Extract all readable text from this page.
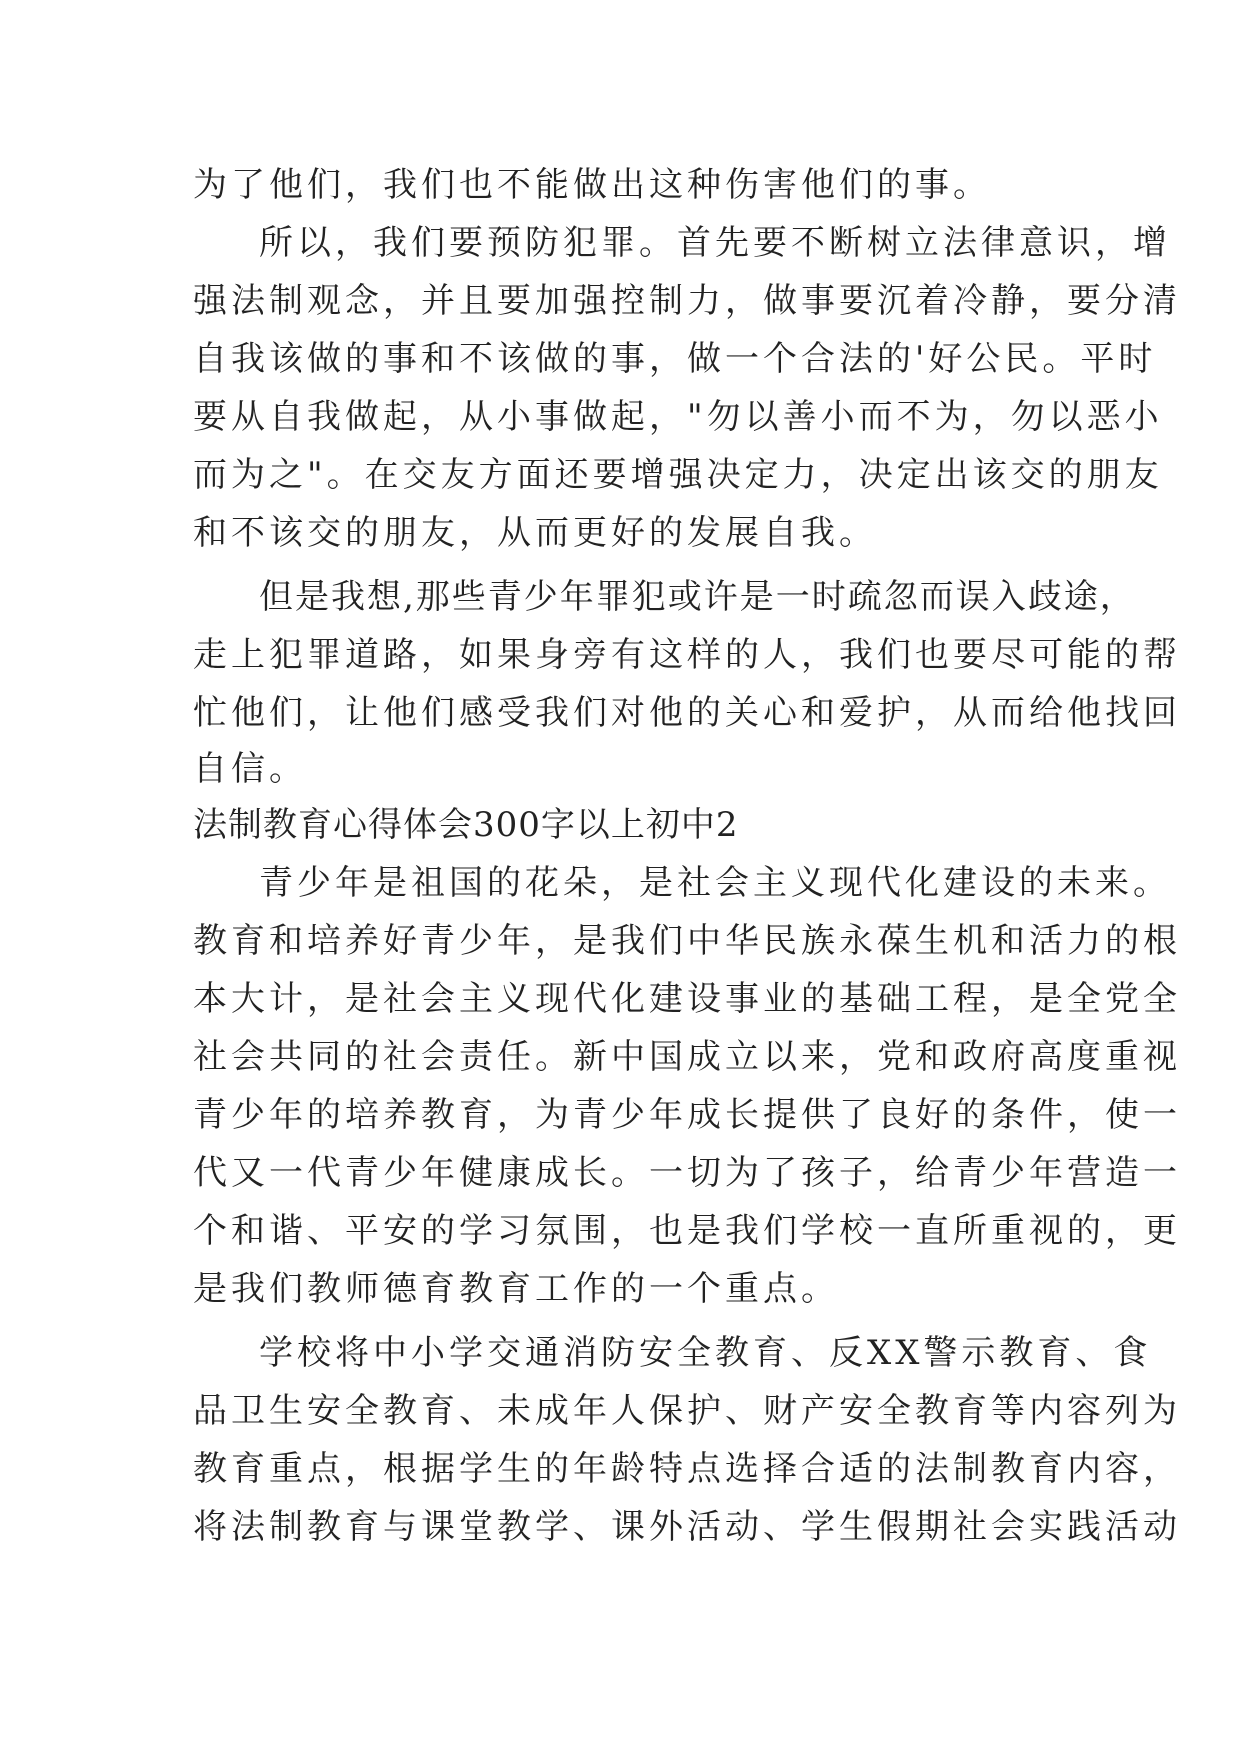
为了他们，我们也不能做出这种伤害他们的事。
所以，我们要预防犯罪。首先要不断树立法律意识，增
强法制观念，并且要加强控制力，做事要沉着冷静，要分清
自我该做的事和不该做的事，做一个合法的'好公民。平时
要从自我做起，从小事做起，"勿以善小而不为，勿以恶小
而为之"。在交友方面还要增强决定力，决定出该交的朋友
和不该交的朋友，从而更好的发展自我。
但是我想,那些青少年罪犯或许是一时疏忽而误入歧途，
走上犯罪道路，如果身旁有这样的人，我们也要尽可能的帮
忙他们，让他们感受我们对他的关心和爱护，从而给他找回
自信。
法制教育心得体会300字以上初中2
青少年是祖国的花朵，是社会主义现代化建设的未来。
教育和培养好青少年，是我们中华民族永葆生机和活力的根
本大计，是社会主义现代化建设事业的基础工程，是全党全
社会共同的社会责任。新中国成立以来，党和政府高度重视
青少年的培养教育，为青少年成长提供了良好的条件，使一
代又一代青少年健康成长。一切为了孩子，给青少年营造一
个和谐、平安的学习氛围，也是我们学校一直所重视的，更
是我们教师德育教育工作的一个重点。
学校将中小学交通消防安全教育、反XX警示教育、食
品卫生安全教育、未成年人保护、财产安全教育等内容列为
教育重点，根据学生的年龄特点选择合适的法制教育内容，
将法制教育与课堂教学、课外活动、学生假期社会实践活动
